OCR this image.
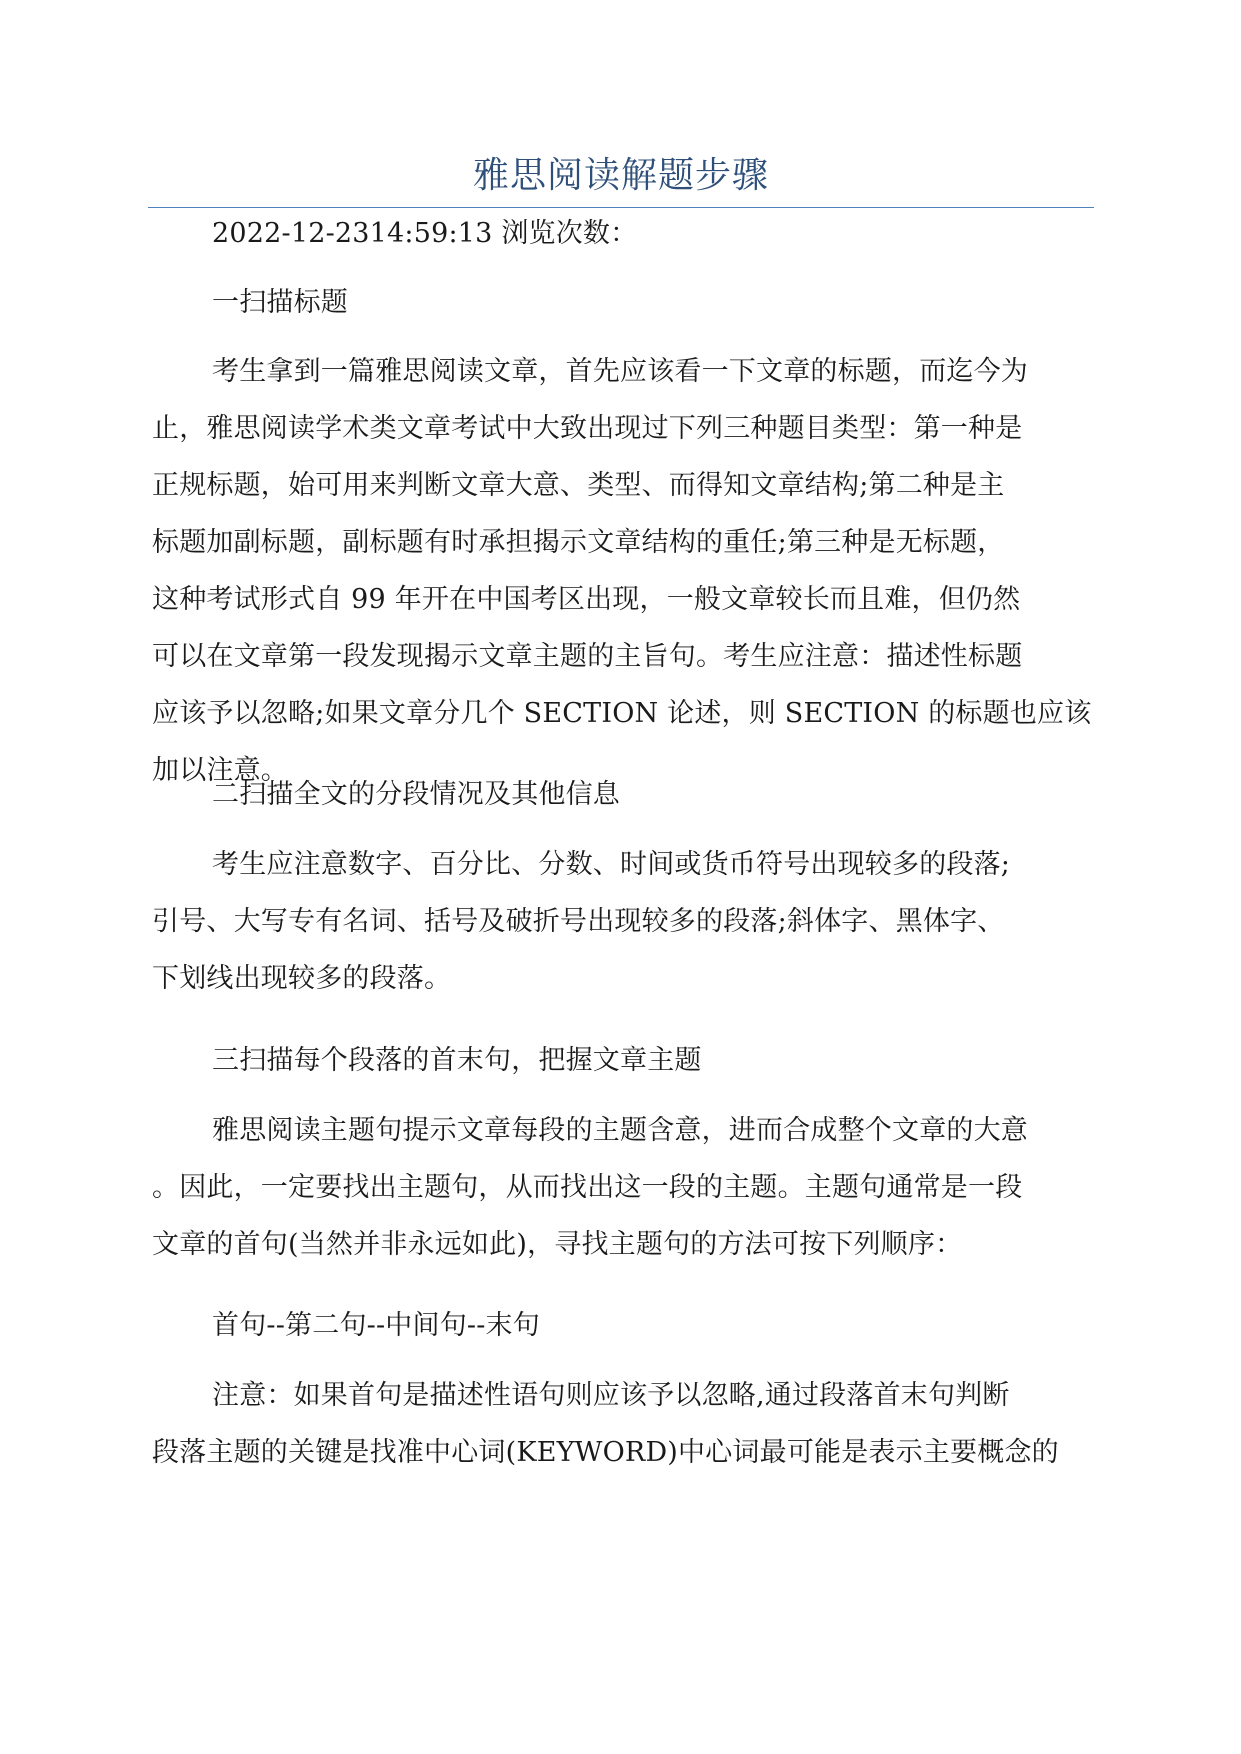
雅思阅读解题步骤
2022-12-2314:59:13 浏览次数：
一扫描标题
考生拿到一篇雅思阅读文章，首先应该看一下文章的标题，而迄今为
止，雅思阅读学术类文章考试中大致出现过下列三种题目类型：第一种是
正规标题，始可用来判断文章大意、类型、而得知文章结构;第二种是主
标题加副标题，副标题有时承担揭示文章结构的重任;第三种是无标题，
这种考试形式自 99 年开在中国考区出现，一般文章较长而且难，但仍然
可以在文章第一段发现揭示文章主题的主旨句。考生应注意：描述性标题
应该予以忽略;如果文章分几个 SECTION 论述，则 SECTION 的标题也应该
加以注意。
二扫描全文的分段情况及其他信息
考生应注意数字、百分比、分数、时间或货币符号出现较多的段落;
引号、大写专有名词、括号及破折号出现较多的段落;斜体字、黑体字、
下划线出现较多的段落。
三扫描每个段落的首末句，把握文章主题
雅思阅读主题句提示文章每段的主题含意，进而合成整个文章的大意
。因此，一定要找出主题句，从而找出这一段的主题。主题句通常是一段
文章的首句(当然并非永远如此)，寻找主题句的方法可按下列顺序：
首句--第二句--中间句--末句
注意：如果首句是描述性语句则应该予以忽略,通过段落首末句判断
段落主题的关键是找准中心词(KEYWORD)中心词最可能是表示主要概念的
